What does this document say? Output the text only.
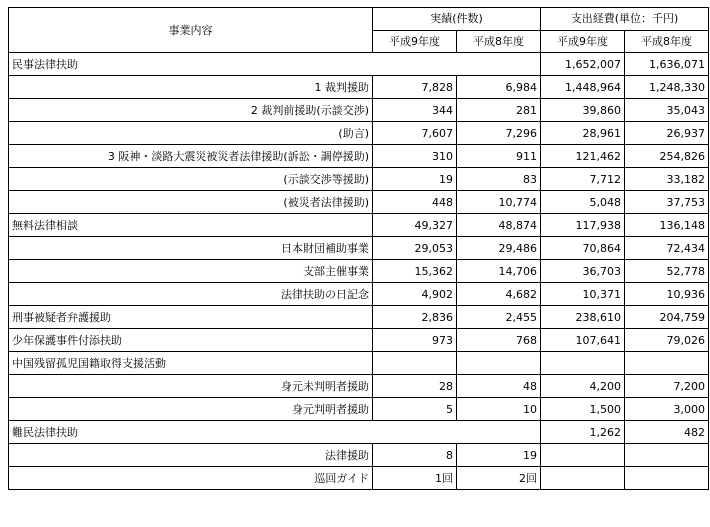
事業内容	実績(件数)		支出経費(単位：千円)	
	平成9年度	平成8年度	平成9年度	平成8年度
民事法律扶助			1,652,007	1,636,071
1 裁判援助	7,828	6,984	1,448,964	1,248,330
2 裁判前援助(示談交渉)	344	281	39,860	35,043
(助言)	7,607	7,296	28,961	26,937
3 阪神・淡路大震災被災者法律援助(訴訟・調停援助)	310	911	121,462	254,826
(示談交渉等援助)	19	83	7,712	33,182
(被災者法律援助)	448	10,774	5,048	37,753
無料法律相談	49,327	48,874	117,938	136,148
日本財団補助事業	29,053	29,486	70,864	72,434
支部主催事業	15,362	14,706	36,703	52,778
法律扶助の日記念	4,902	4,682	10,371	10,936
刑事被疑者弁護援助	2,836	2,455	238,610	204,759
少年保護事件付添扶助	973	768	107,641	79,026
中国残留孤児国籍取得支援活動				
身元未判明者援助	28	48	4,200	7,200
身元判明者援助	5	10	1,500	3,000
難民法律扶助			1,262	482
法律援助	8	19		
巡回ガイド	1回	2回		
